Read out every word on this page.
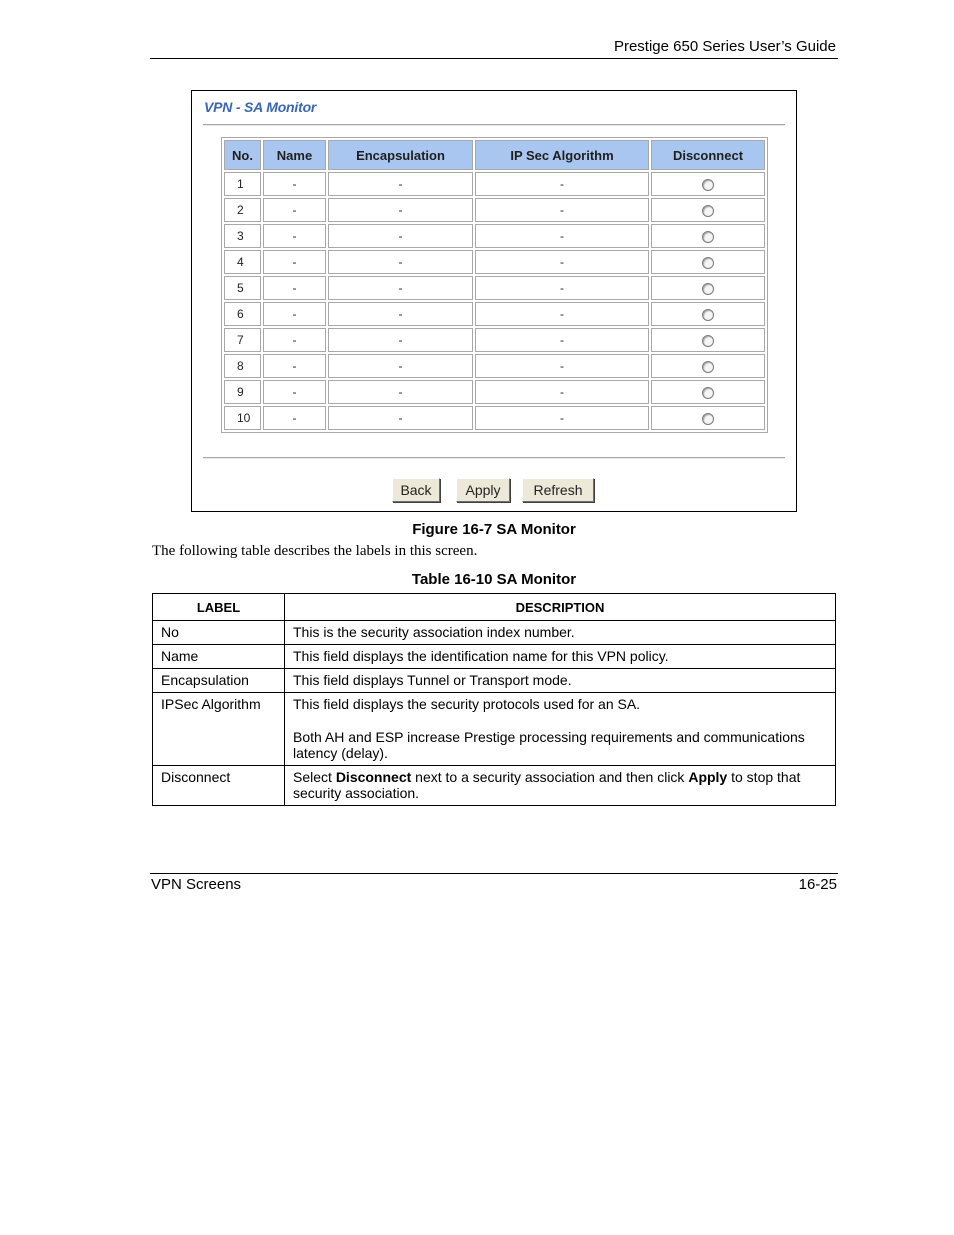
Prestige 650 Series User’s Guide
VPN - SA Monitor
No.	Name	Encapsulation	IP Sec Algorithm	Disconnect
1	-	-	-	
2	-	-	-	
3	-	-	-	
4	-	-	-	
5	-	-	-	
6	-	-	-	
7	-	-	-	
8	-	-	-	
9	-	-	-	
10	-	-	-	
Back	Apply	Refresh
Figure 16-7 SA Monitor
The following table describes the labels in this screen.
Table 16-10 SA Monitor
LABEL	DESCRIPTION
No	This is the security association index number.
Name	This field displays the identification name for this VPN policy.
Encapsulation	This field displays Tunnel or Transport mode.
IPSec Algorithm	This field displays the security protocols used for an SA.
Both AH and ESP increase Prestige processing requirements and communications latency (delay).
Disconnect	Select Disconnect next to a security association and then click Apply to stop that security association.
VPN Screens	16-25
